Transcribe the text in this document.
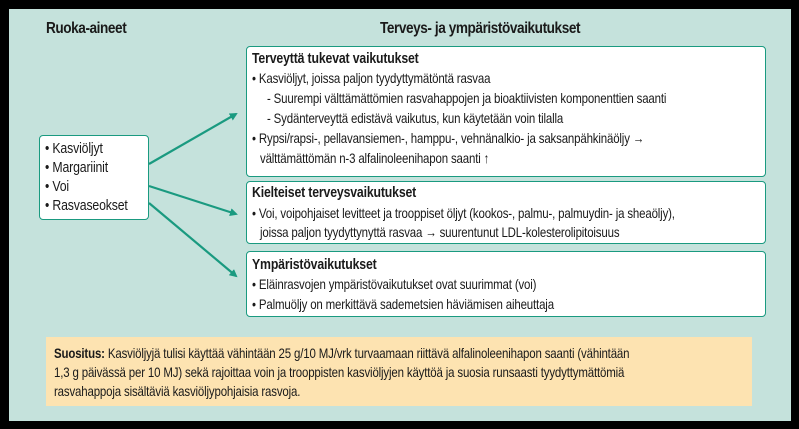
Ruoka-aineet	Terveys- ja ympäristövaikutukset
• Kasviöljyt
• Margariinit
• Voi
• Rasvaseokset
Terveyttä tukevat vaikutukset
• Kasviöljyt, joissa paljon tyydyttymätöntä rasvaa
- Suurempi välttämättömien rasvahappojen ja bioaktiivisten komponenttien saanti
- Sydänterveyttä edistävä vaikutus, kun käytetään voin tilalla
• Rypsi/rapsi-, pellavansiemen-, hamppu-, vehnänalkio- ja saksanpähkinäöljy →
välttämättömän n-3 alfalinoleenihapon saanti ↑
Kielteiset terveysvaikutukset
• Voi, voipohjaiset levitteet ja trooppiset öljyt (kookos-, palmu-, palmuydin- ja sheaöljy),
joissa paljon tyydyttynyttä rasvaa → suurentunut LDL-kolesterolipitoisuus
Ympäristövaikutukset
• Eläinrasvojen ympäristövaikutukset ovat suurimmat (voi)
• Palmuöljy on merkittävä sademetsien häviämisen aiheuttaja
Suositus: Kasviöljyjä tulisi käyttää vähintään 25 g/10 MJ/vrk turvaamaan riittävä alfalinoleenihapon saanti (vähintään
1,3 g päivässä per 10 MJ) sekä rajoittaa voin ja trooppisten kasviöljyjen käyttöä ja suosia runsaasti tyydyttymättömiä
rasvahappoja sisältäviä kasviöljypohjaisia rasvoja.
